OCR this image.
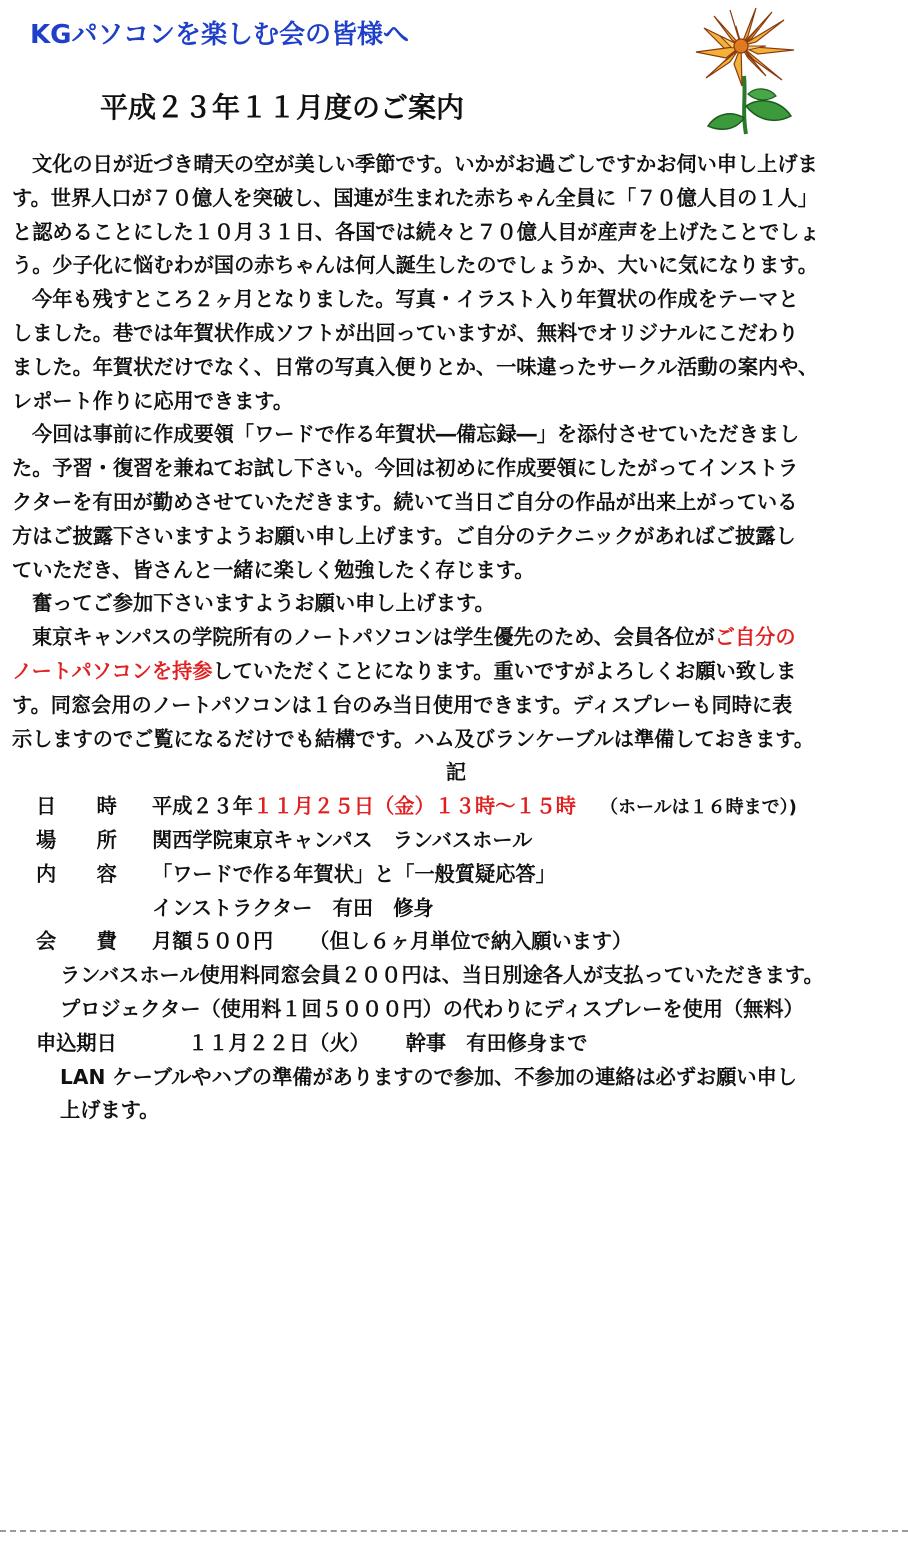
KGパソコンを楽しむ会の皆様へ
平成２３年１１月度のご案内
文化の日が近づき晴天の空が美しい季節です。いかがお過ごしですかお伺い申し上げま
す。世界人口が７０億人を突破し、国連が生まれた赤ちゃん全員に「７０億人目の１人」
と認めることにした１０月３１日、各国では続々と７０億人目が産声を上げたことでしょ
う。少子化に悩むわが国の赤ちゃんは何人誕生したのでしょうか、大いに気になります。
今年も残すところ２ヶ月となりました。写真・イラスト入り年賀状の作成をテーマと
しました。巷では年賀状作成ソフトが出回っていますが、無料でオリジナルにこだわり
ました。年賀状だけでなく、日常の写真入便りとか、一味違ったサークル活動の案内や、
レポート作りに応用できます。
今回は事前に作成要領「ワードで作る年賀状―備忘録―」を添付させていただきまし
た。予習・復習を兼ねてお試し下さい。今回は初めに作成要領にしたがってインストラ
クターを有田が勤めさせていただきます。続いて当日ご自分の作品が出来上がっている
方はご披露下さいますようお願い申し上げます。ご自分のテクニックがあればご披露し
ていただき、皆さんと一緒に楽しく勉強したく存じます。
奮ってご参加下さいますようお願い申し上げます。
東京キャンパスの学院所有のノートパソコンは学生優先のため、会員各位がご自分の
ノートパソコンを持参していただくことになります。重いですがよろしくお願い致しま
す。同窓会用のノートパソコンは１台のみ当日使用できます。ディスプレーも同時に表
示しますのでご覧になるだけでも結構です。ハム及びランケーブルは準備しておきます。
記
日　　時 平成２３年１１月２５日（金）１３時～１５時 （ホールは１６時まで）)
場　　所 関西学院東京キャンパス　ランバスホール
内　　容 「ワードで作る年賀状」と「一般質疑応答」
インストラクター　有田　修身
会　　費 月額５００円 （但し６ヶ月単位で納入願います）
ランバスホール使用料同窓会員２００円は、当日別途各人が支払っていただきます。
プロジェクター（使用料１回５０００円）の代わりにディスプレーを使用（無料）
申込期日	１１月２２日（火） 幹事　有田修身まで
LAN ケーブルやハブの準備がありますので参加、不参加の連絡は必ずお願い申し
上げます。
